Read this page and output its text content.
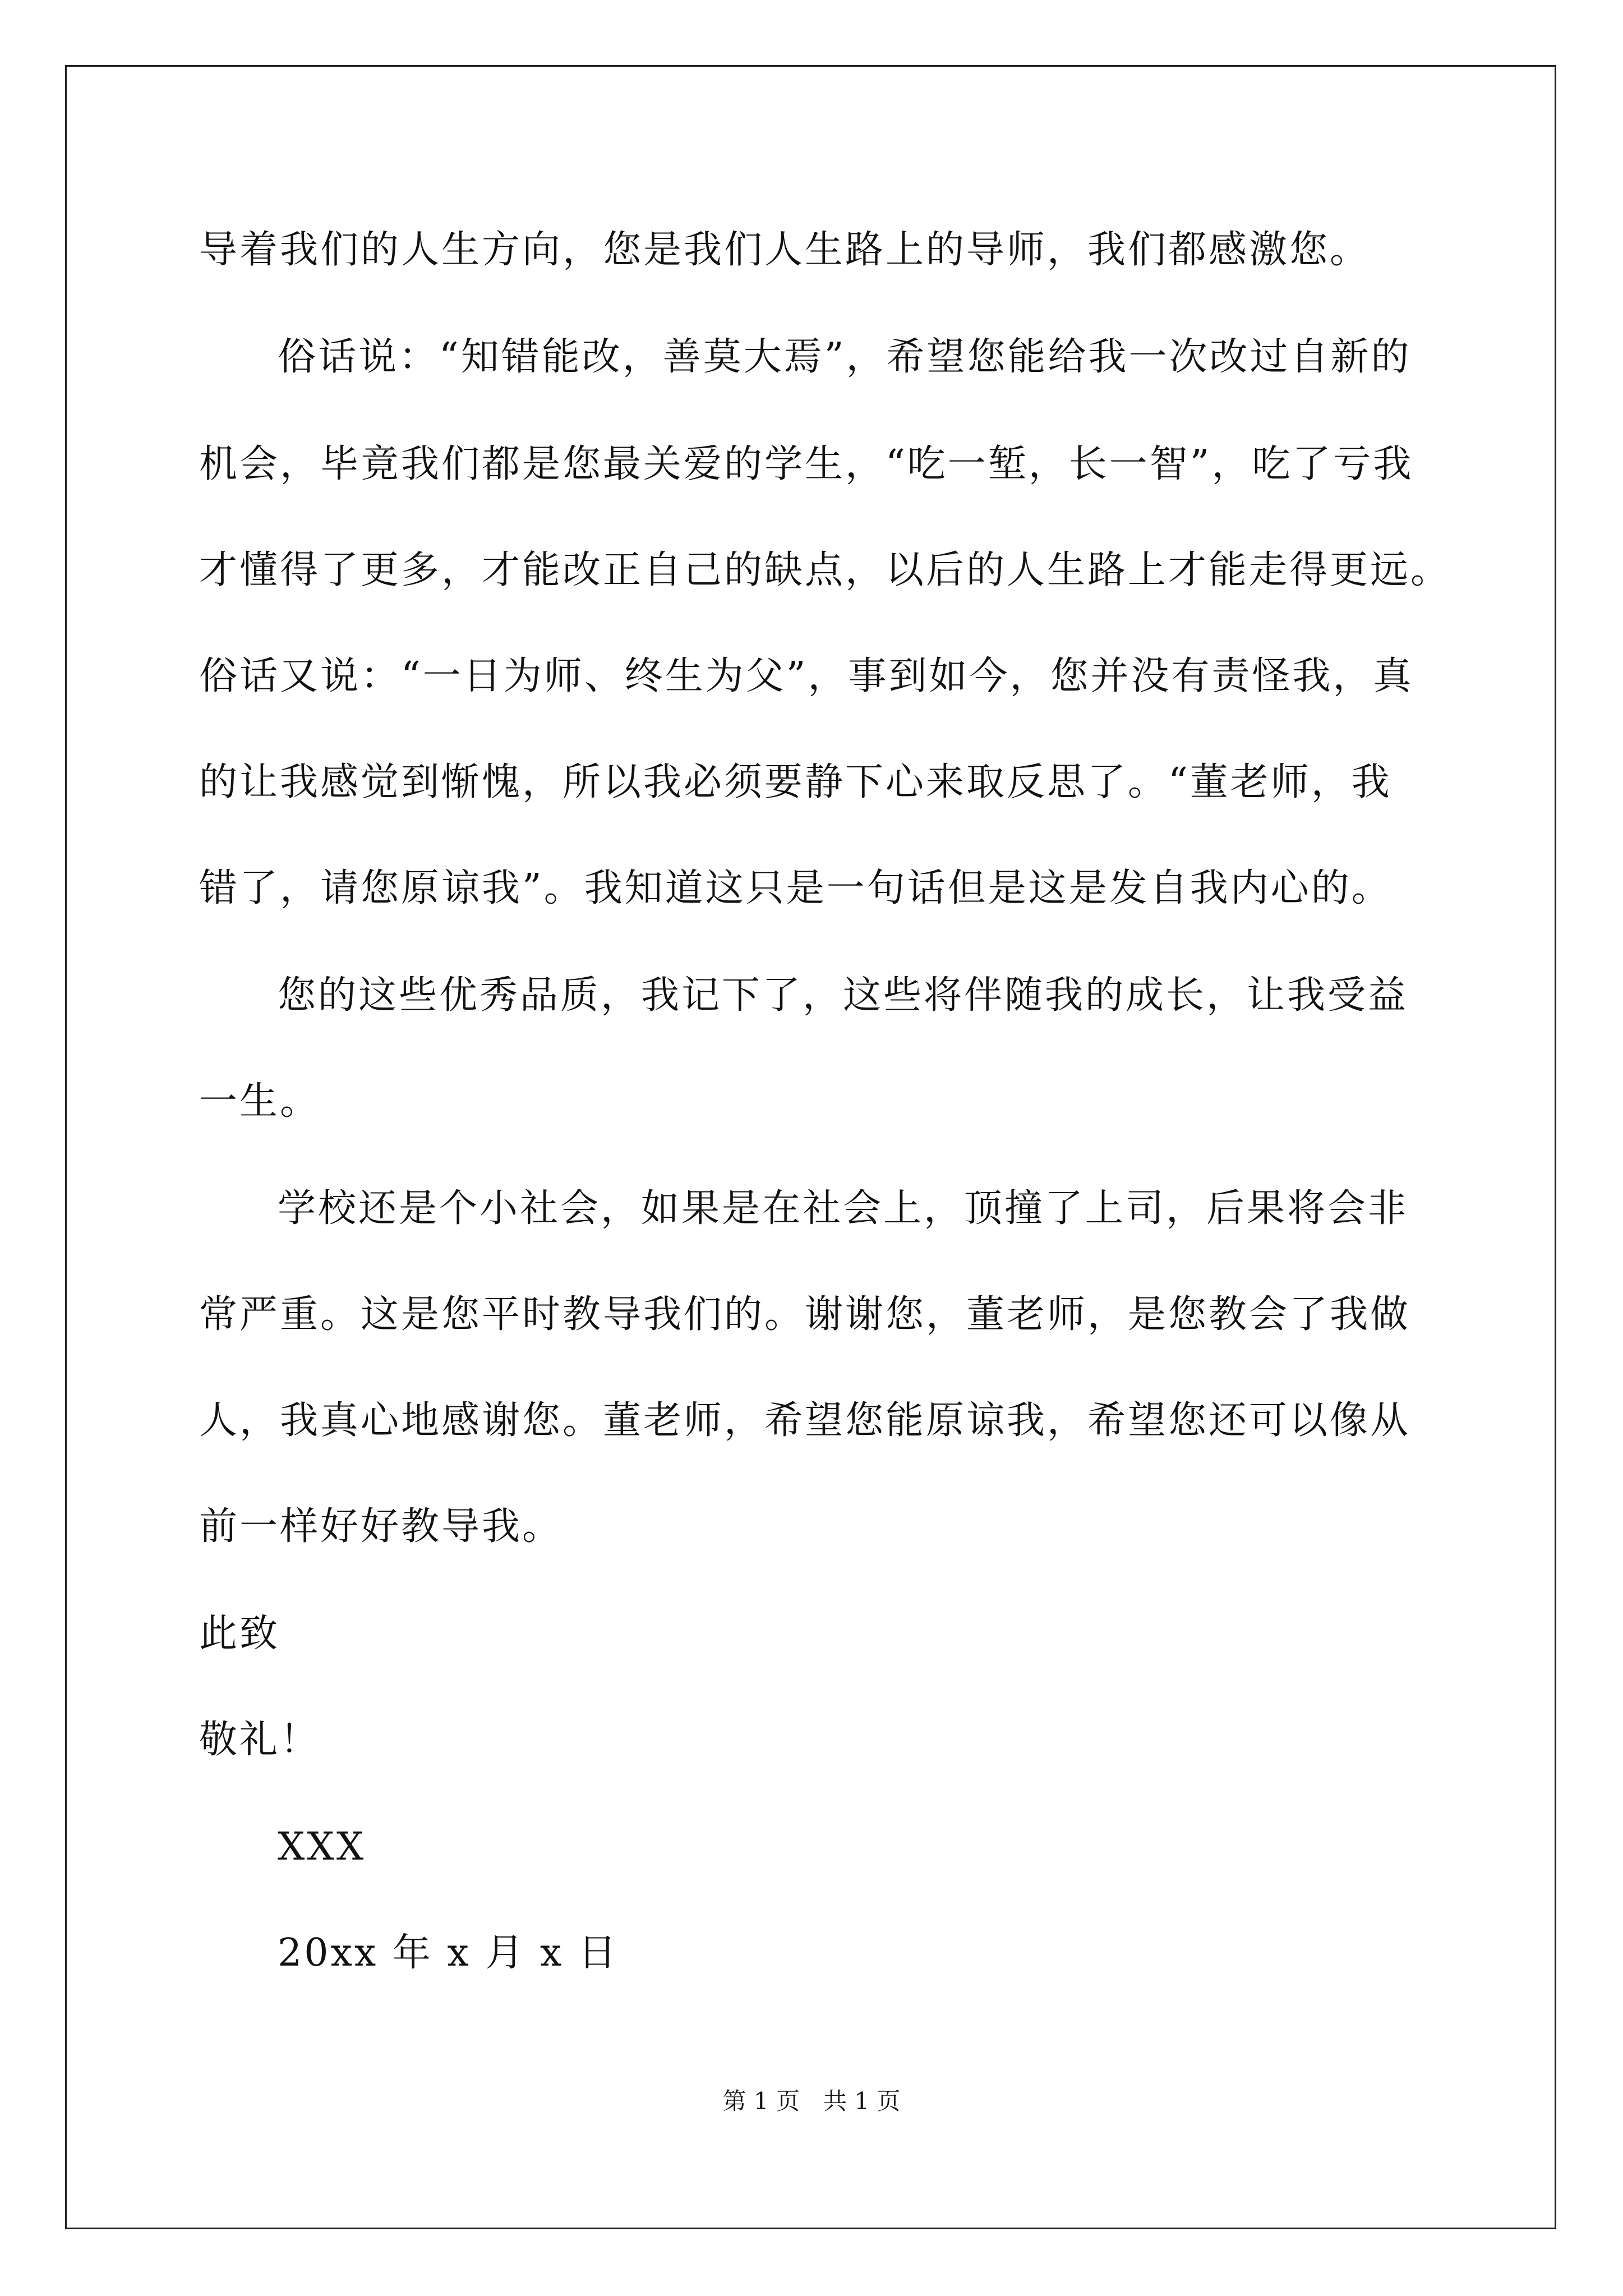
导着我们的人生方向，您是我们人生路上的导师，我们都感激您。
俗话说：“知错能改，善莫大焉”，希望您能给我一次改过自新的
机会，毕竟我们都是您最关爱的学生，“吃一堑，长一智”，吃了亏我
才懂得了更多，才能改正自己的缺点，以后的人生路上才能走得更远。
俗话又说：“一日为师、终生为父”，事到如今，您并没有责怪我，真
的让我感觉到惭愧，所以我必须要静下心来取反思了。“董老师，我
错了，请您原谅我”。我知道这只是一句话但是这是发自我内心的。
您的这些优秀品质，我记下了，这些将伴随我的成长，让我受益
一生。
学校还是个小社会，如果是在社会上，顶撞了上司，后果将会非
常严重。这是您平时教导我们的。谢谢您，董老师，是您教会了我做
人，我真心地感谢您。董老师，希望您能原谅我，希望您还可以像从
前一样好好教导我。
此致
敬礼！
XXX
20xx 年 x 月 x 日
第 1 页　共 1 页
